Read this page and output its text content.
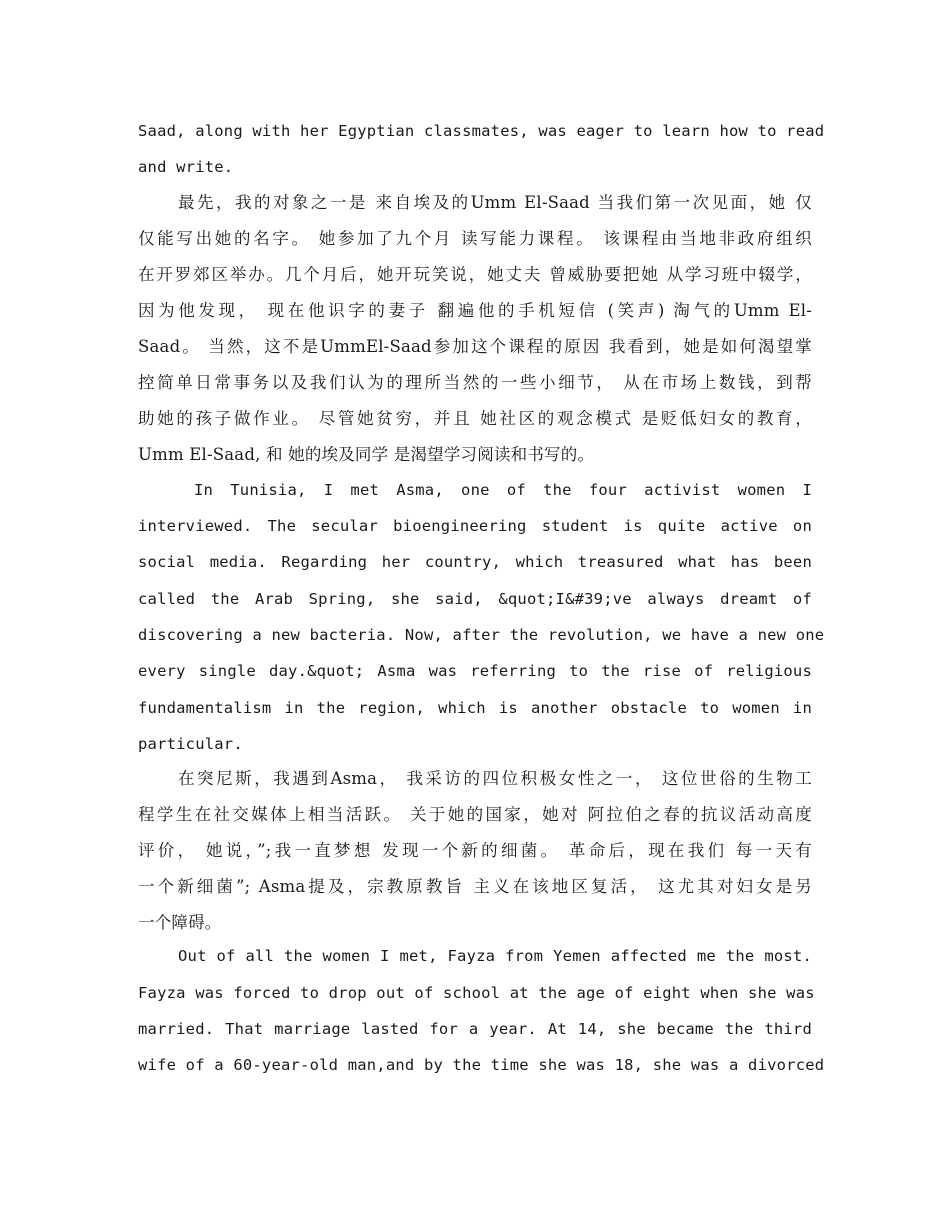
Saad, along with her Egyptian classmates, was eager to learn how to read
and write.
最先，我的对象之一是 来自埃及的Umm El-Saad 当我们第一次见面，她 仅
仅能写出她的名字。 她参加了九个月 读写能力课程。 该课程由当地非政府组织
在开罗郊区举办。几个月后，她开玩笑说，她丈夫 曾威胁要把她 从学习班中辍学，
因为他发现， 现在他识字的妻子 翻遍他的手机短信 (笑声) 淘气的Umm El-
Saad。 当然，这不是UmmEl-Saad参加这个课程的原因 我看到，她是如何渴望掌
控简单日常事务以及我们认为的理所当然的一些小细节， 从在市场上数钱，到帮
助她的孩子做作业。 尽管她贫穷，并且 她社区的观念模式 是贬低妇女的教育，
Umm El-Saad, 和 她的埃及同学 是渴望学习阅读和书写的。
In Tunisia, I met Asma, one of the four activist women I
interviewed. The secular bioengineering student is quite active on
social media. Regarding her country, which treasured what has been
called the Arab Spring, she said, &quot;I&#39;ve always dreamt of
discovering a new bacteria. Now, after the revolution, we have a new one
every single day.&quot; Asma was referring to the rise of religious
fundamentalism in the region, which is another obstacle to women in
particular.
在突尼斯，我遇到Asma， 我采访的四位积极女性之一， 这位世俗的生物工
程学生在社交媒体上相当活跃。 关于她的国家，她对 阿拉伯之春的抗议活动高度
评价， 她说，”;我一直梦想 发现一个新的细菌。 革命后，现在我们 每一天有
一个新细菌”; Asma提及，宗教原教旨 主义在该地区复活， 这尤其对妇女是另
一个障碍。
Out of all the women I met, Fayza from Yemen affected me the most.
Fayza was forced to drop out of school at the age of eight when she was
married. That marriage lasted for a year. At 14, she became the third
wife of a 60-year-old man,and by the time she was 18, she was a divorced
